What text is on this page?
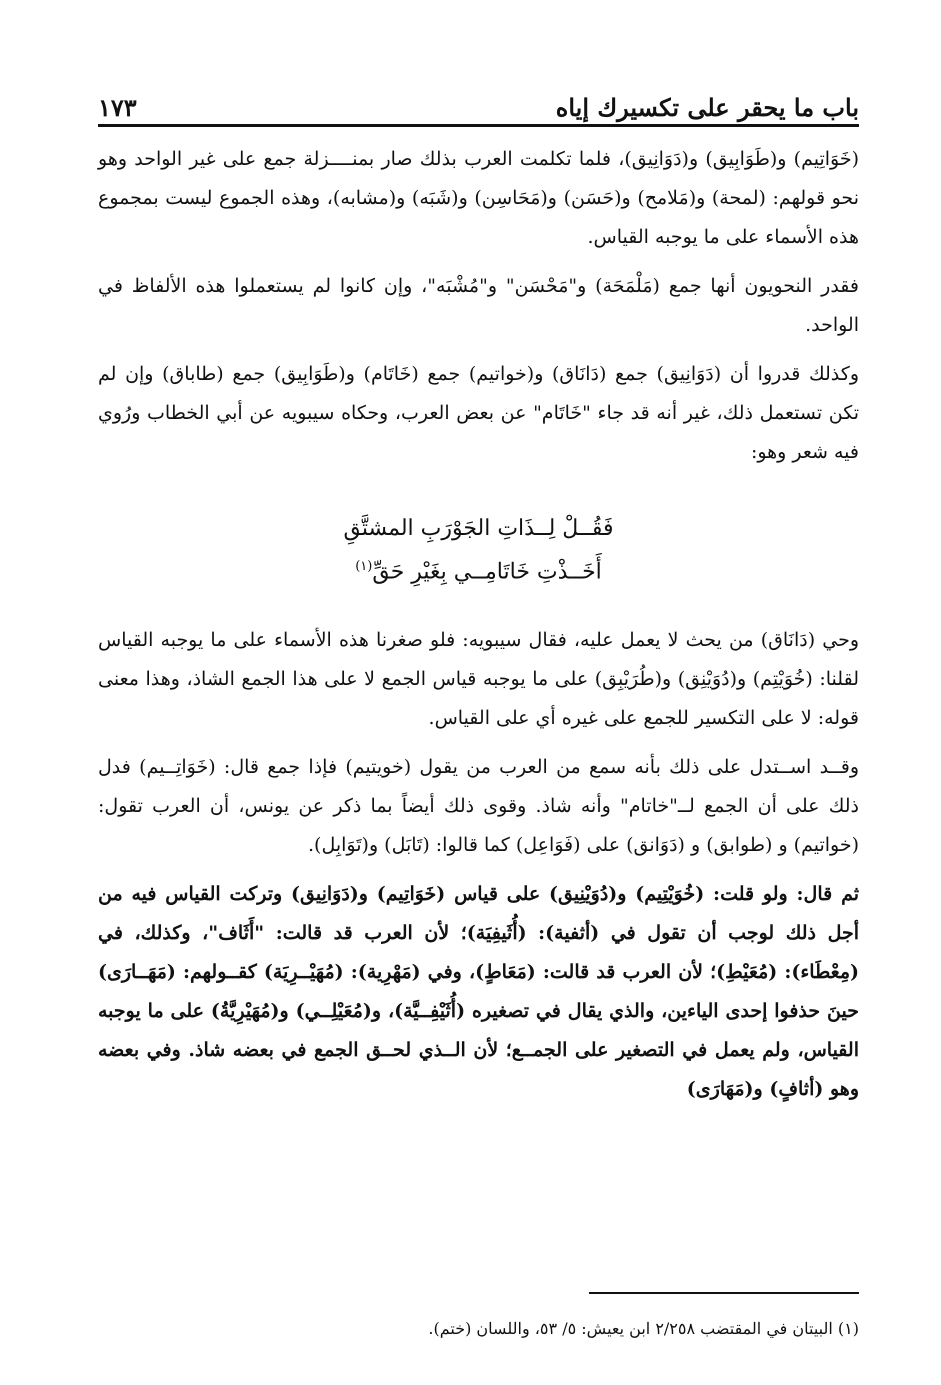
باب ما يحقر على تكسيرك إياه
١٧٣

(خَوَاتِيم) و(طَوَابِيق) و(دَوَانِيق)، فلما تكلمت العرب بذلك صار بمنــــزلة جمع على غير الواحد وهو نحو قولهم: (لمحة) و(مَلامح) و(حَسَن) و(مَحَاسِن) و(شَبَه) و(مشابه)، وهذه الجموع ليست بمجموع هذه الأسماء على ما يوجبه القياس.

فقدر النحويون أنها جمع (مَلْمَحَة) و"مَحْسَن" و"مُشْبَه"، وإن كانوا لم يستعملوا هذه الألفاظ في الواحد.

وكذلك قدروا أن (دَوَانِيق) جمع (دَانَاق) و(خواتيم) جمع (خَاتَام) و(طَوَابِيق) جمع (طاباق) وإن لم تكن تستعمل ذلك، غير أنه قد جاء "خَاتَام" عن بعض العرب، وحكاه سيبويه عن أبي الخطاب ورُوي فيه شعر وهو:

فَقُــلْ لِــذَاتِ الجَوْرَبِ المشتَّقِ
أَخَــذْتِ خَاتَامِــي بِغَيْرِ حَقِّ$^{(١)}$

وحي (دَانَاق) من يحث لا يعمل عليه، فقال سيبويه: فلو صغرنا هذه الأسماء على ما يوجبه القياس لقلنا: (خُوَيْتِم) و(دُوَيْنِق) و(طُرَيْبِق) على ما يوجبه قياس الجمع لا على هذا الجمع الشاذ، وهذا معنى قوله: لا على التكسير للجمع على غيره أي على القياس.

وقــد اســتدل على ذلك بأنه سمع من العرب من يقول (خويتيم) فإذا جمع قال: (خَوَاتِــيم) فدل ذلك على أن الجمع لــ"خاتام" وأنه شاذ. وقوى ذلك أيضاً بما ذكر عن يونس، أن العرب تقول: (خواتيم) و (طوابق) و (دَوَانق) على (فَوَاعِل) كما قالوا: (تَابَل) و(تَوَابِل).

ثم قال: ولو قلت: (خُوَيْتِيم) و(دُوَيْنِيق) على قياس (خَوَاتِيم) و(دَوَانِيق) وتركت القياس فيه من أجل ذلك لوجب أن تقول في (أثفية): (أُثَيفِيَة)؛ لأن العرب قد قالت: "أَثَاف"، وكذلك، في (مِعْطَاء): (مُعَيْطِ)؛ لأن العرب قد قالت: (مَعَاطٍ)، وفي (مَهْرِية): (مُهَيْــرِيَة) كقــولهم: (مَهَــارَى) حينَ حذفوا إحدى الياءين، والذي يقال في تصغيره (أُثَيْفِــيَّة)، و(مُعَيْلِــي) و(مُهَيْرِيَّةُ) على ما يوجبه القياس، ولم يعمل في التصغير على الجمــع؛ لأن الــذي لحــق الجمع في بعضه شاذ. وفي بعضه وهو (أثافٍ) و(مَهَارَى)

(١) البيتان في المقتضب ٢/٢٥٨ ابن يعيش: ٥/ ٥٣، واللسان (ختم).
